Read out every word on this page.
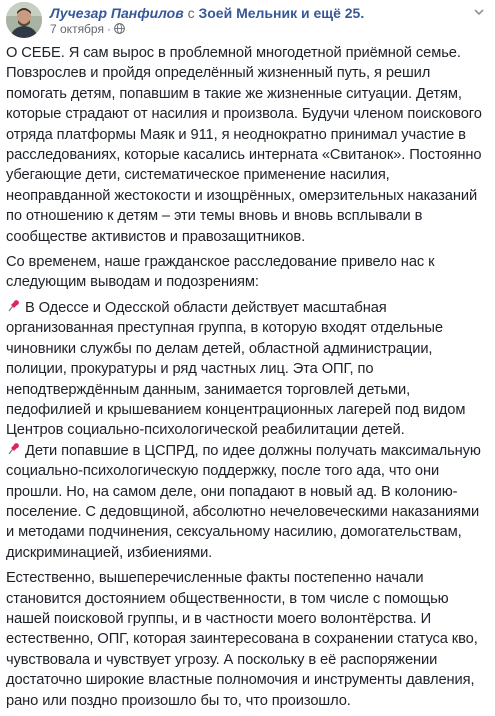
Лучезар Панфилов с Зоей Мельник и ещё 25.
7 октября ·

О СЕБЕ. Я сам вырос в проблемной многодетной приёмной семье. Повзрослев и пройдя определённый жизненный путь, я решил помогать детям, попавшим в такие же жизненные ситуации. Детям, которые страдают от насилия и произвола. Будучи членом поискового отряда платформы Маяк и 911, я неоднократно принимал участие в расследованиях, которые касались интерната «Свитанок». Постоянно убегающие дети, систематическое применение насилия, неоправданной жестокости и изощрённых, омерзительных наказаний по отношению к детям – эти темы вновь и вновь всплывали в сообществе активистов и правозащитников.

Со временем, наше гражданское расследование привело нас к следующим выводам и подозрениям:

В Одессе и Одесской области действует масштабная организованная преступная группа, в которую входят отдельные чиновники службы по делам детей, областной администрации, полиции, прокуратуры и ряд частных лиц. Эта ОПГ, по неподтверждённым данным, занимается торговлей детьми, педофилией и крышеванием концентрационных лагерей под видом Центров социально-психологической реабилитации детей.
Дети попавшие в ЦСПРД, по идее должны получать максимальную социально-психологическую поддержку, после того ада, что они прошли. Но, на самом деле, они попадают в новый ад. В колонию-поселение. С дедовщиной, абсолютно нечеловеческими наказаниями и методами подчинения, сексуальному насилию, домогательствам, дискриминацией, избиениями.

Естественно, вышеперечисленные факты постепенно начали становится достоянием общественности, в том числе с помощью нашей поисковой группы, и в частности моего волонтёрства. И естественно, ОПГ, которая заинтересована в сохранении статуса кво, чувствовала и чувствует угрозу. А поскольку в её распоряжении достаточно широкие властные полномочия и инструменты давления, рано или поздно произошло бы то, что произошло.
